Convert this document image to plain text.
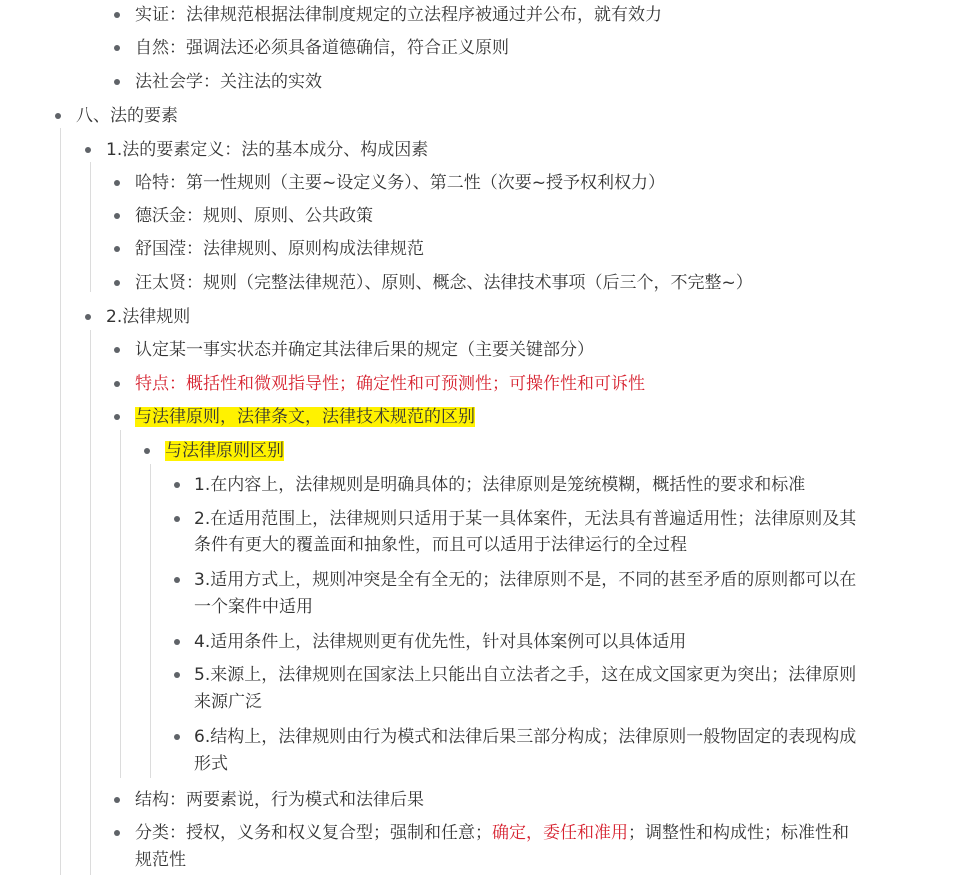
实证：法律规范根据法律制度规定的立法程序被通过并公布，就有效力
自然：强调法还必须具备道德确信，符合正义原则
法社会学：关注法的实效
八、法的要素
1.法的要素定义：法的基本成分、构成因素
哈特：第一性规则（主要~设定义务）、第二性（次要~授予权利权力）
德沃金：规则、原则、公共政策
舒国滢：法律规则、原则构成法律规范
汪太贤：规则（完整法律规范）、原则、概念、法律技术事项（后三个，不完整~）
2.法律规则
认定某一事实状态并确定其法律后果的规定（主要关键部分）
特点：概括性和微观指导性；确定性和可预测性；可操作性和可诉性
与法律原则，法律条文，法律技术规范的区别
与法律原则区别
1.在内容上，法律规则是明确具体的；法律原则是笼统模糊，概括性的要求和标准
2.在适用范围上，法律规则只适用于某一具体案件，无法具有普遍适用性；法律原则及其
条件有更大的覆盖面和抽象性，而且可以适用于法律运行的全过程
3.适用方式上，规则冲突是全有全无的；法律原则不是，不同的甚至矛盾的原则都可以在
一个案件中适用
4.适用条件上，法律规则更有优先性，针对具体案例可以具体适用
5.来源上，法律规则在国家法上只能出自立法者之手，这在成文国家更为突出；法律原则
来源广泛
6.结构上，法律规则由行为模式和法律后果三部分构成；法律原则一般物固定的表现构成
形式
结构：两要素说，行为模式和法律后果
分类：授权，义务和权义复合型；强制和任意；确定，委任和准用；调整性和构成性；标准性和
规范性
